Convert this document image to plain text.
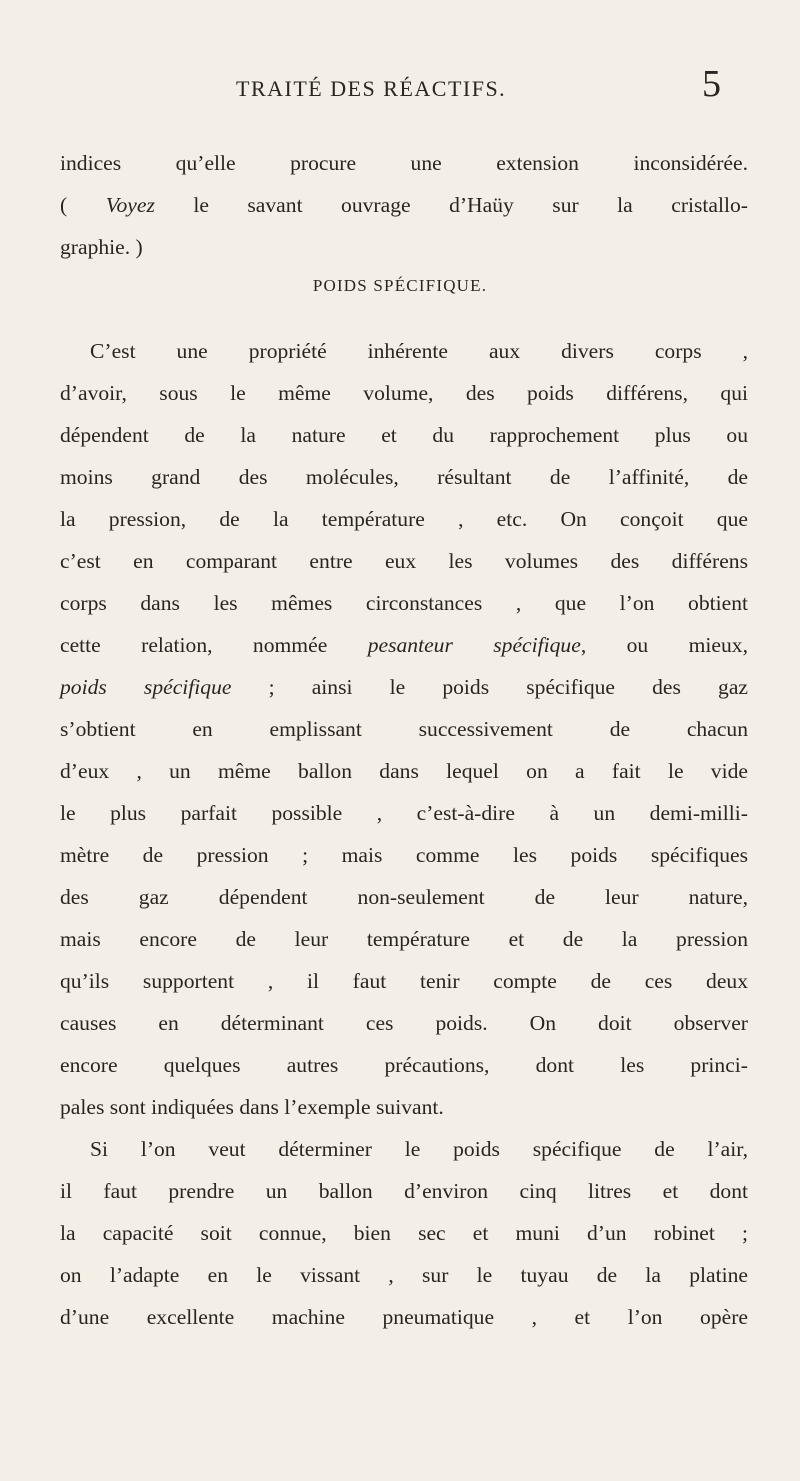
TRAITÉ DES RÉACTIFS.	5
indices qu’elle procure une extension inconsidérée.
( Voyez le savant ouvrage d’Haüy sur la cristallo-
graphie. )
POIDS SPÉCIFIQUE.
C’est une propriété inhérente aux divers corps ,
d’avoir, sous le même volume, des poids différens, qui
dépendent de la nature et du rapprochement plus ou
moins grand des molécules, résultant de l’affinité, de
la pression, de la température , etc. On conçoit que
c’est en comparant entre eux les volumes des différens
corps dans les mêmes circonstances , que l’on obtient
cette relation, nommée pesanteur spécifique, ou mieux,
poids spécifique ; ainsi le poids spécifique des gaz
s’obtient en emplissant successivement de chacun
d’eux , un même ballon dans lequel on a fait le vide
le plus parfait possible , c’est-à-dire à un demi-milli-
mètre de pression ; mais comme les poids spécifiques
des gaz dépendent non-seulement de leur nature,
mais encore de leur température et de la pression
qu’ils supportent , il faut tenir compte de ces deux
causes en déterminant ces poids. On doit observer
encore quelques autres précautions, dont les princi-
pales sont indiquées dans l’exemple suivant.
Si l’on veut déterminer le poids spécifique de l’air,
il faut prendre un ballon d’environ cinq litres et dont
la capacité soit connue, bien sec et muni d’un robinet ;
on l’adapte en le vissant , sur le tuyau de la platine
d’une excellente machine pneumatique , et l’on opère
